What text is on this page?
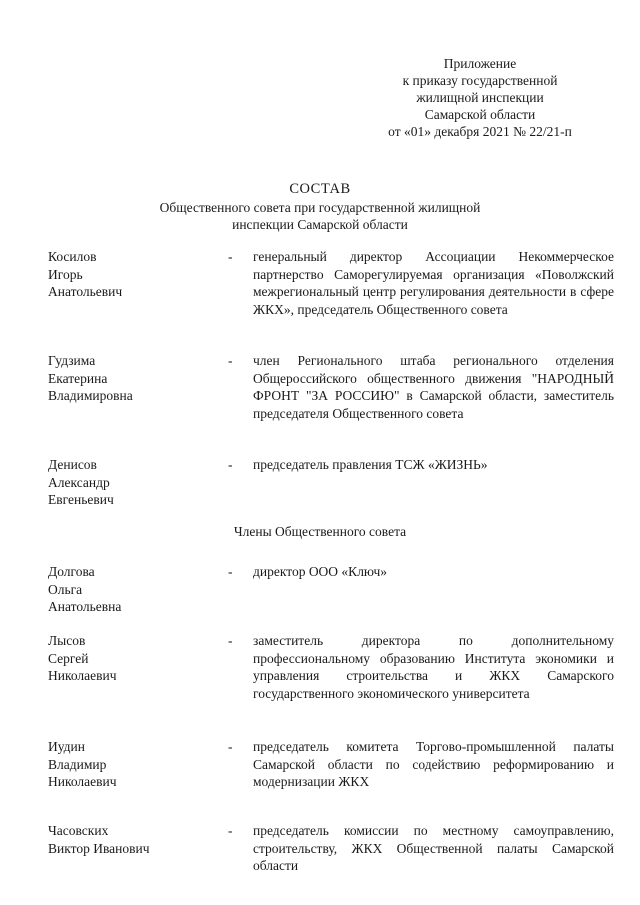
Приложение
к приказу государственной
жилищной инспекции
Самарской области
от «01» декабря 2021 № 22/21-п
СОСТАВ
Общественного совета при государственной жилищной
инспекции Самарской области
Косилов
Игорь
Анатольевич
- генеральный директор Ассоциации Некоммерческое партнерство Саморегулируемая организация «Поволжский межрегиональный центр регулирования деятельности в сфере ЖКХ», председатель Общественного совета

Гудзима
Екатерина
Владимировна
- член Регионального штаба регионального отделения Общероссийского общественного движения "НАРОДНЫЙ ФРОНТ "ЗА РОССИЮ" в Самарской области, заместитель председателя Общественного совета

Денисов
Александр
Евгеньевич
- председатель правления ТСЖ «ЖИЗНЬ»

Члены Общественного совета
Долгова
Ольга
Анатольевна
- директор ООО «Ключ»

Лысов
Сергей
Николаевич
- заместитель директора по дополнительному профессиональному образованию Института экономики и управления строительства и ЖКХ Самарского государственного экономического университета

Иудин
Владимир
Николаевич
- председатель комитета Торгово-промышленной палаты Самарской области по содействию реформированию и модернизации ЖКХ

Часовских
Виктор Иванович
- председатель комиссии по местному самоуправлению, строительству, ЖКХ Общественной палаты Самарской области
